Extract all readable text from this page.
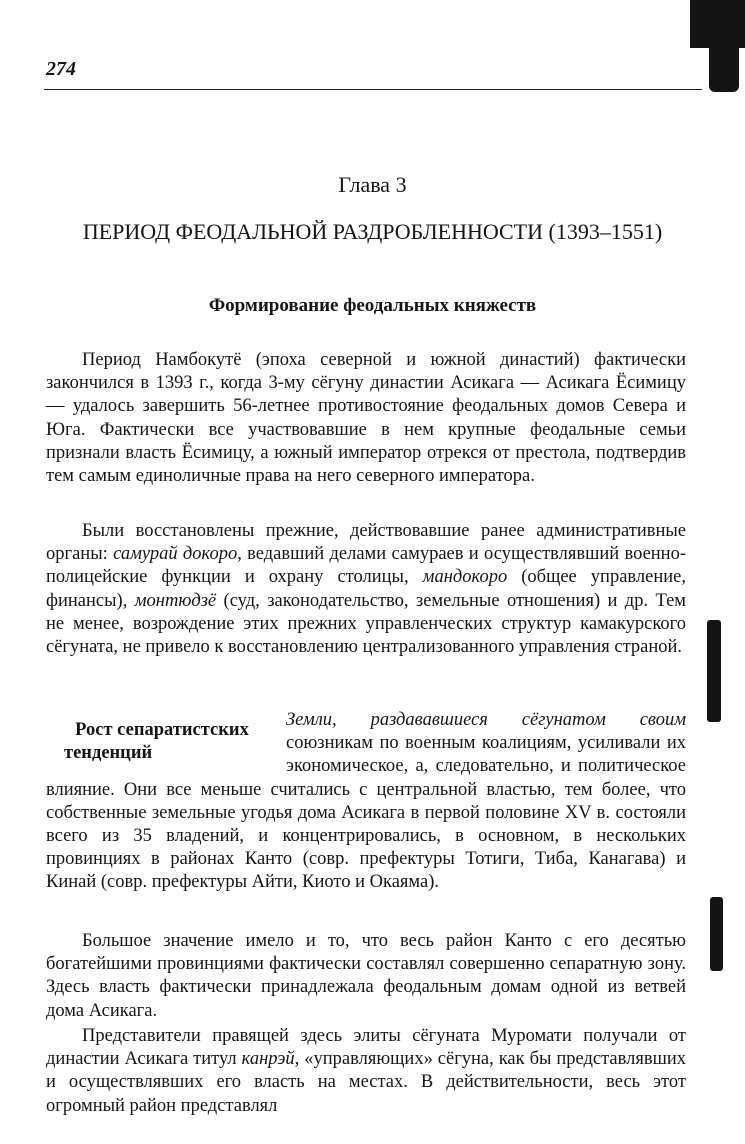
274
Глава 3
ПЕРИОД ФЕОДАЛЬНОЙ РАЗДРОБЛЕННОСТИ (1393–1551)
Формирование феодальных княжеств
Период Намбокутё (эпоха северной и южной династий) фактически закончился в 1393 г., когда 3-му сёгуну династии Асикага — Асикага Ёсимицу — удалось завершить 56-летнее противостояние феодальных домов Севера и Юга. Фактически все участвовавшие в нем крупные феодальные семьи признали власть Ёсимицу, а южный император отрекся от престола, подтвердив тем самым единоличные права на него северного императора.
Были восстановлены прежние, действовавшие ранее административные органы: самурай докоро, ведавший делами самураев и осуществлявший военно-полицейские функции и охрану столицы, мандокоро (общее управление, финансы), монтюдзё (суд, законодательство, земельные отношения) и др. Тем не менее, возрождение этих прежних управленческих структур камакурского сёгуната, не привело к восстановлению централизованного управления страной.
Рост сепаратистских тенденций
Земли, раздававшиеся сёгунатом своим союзникам по военным коалициям, усиливали их экономическое, а, следовательно, и политическое влияние. Они все меньше считались с центральной властью, тем более, что собственные земельные угодья дома Асикага в первой половине XV в. состояли всего из 35 владений, и концентрировались, в основном, в нескольких провинциях в районах Канто (совр. префектуры Тотиги, Тиба, Канагава) и Кинай (совр. префектуры Айти, Киото и Окаяма).
Большое значение имело и то, что весь район Канто с его десятью богатейшими провинциями фактически составлял совершенно сепаратную зону. Здесь власть фактически принадлежала феодальным домам одной из ветвей дома Асикага.
Представители правящей здесь элиты сёгуната Муромати получали от династии Асикага титул канрэй, «управляющих» сёгуна, как бы представлявших и осуществлявших его власть на местах. В действительности, весь этот огромный район представлял
